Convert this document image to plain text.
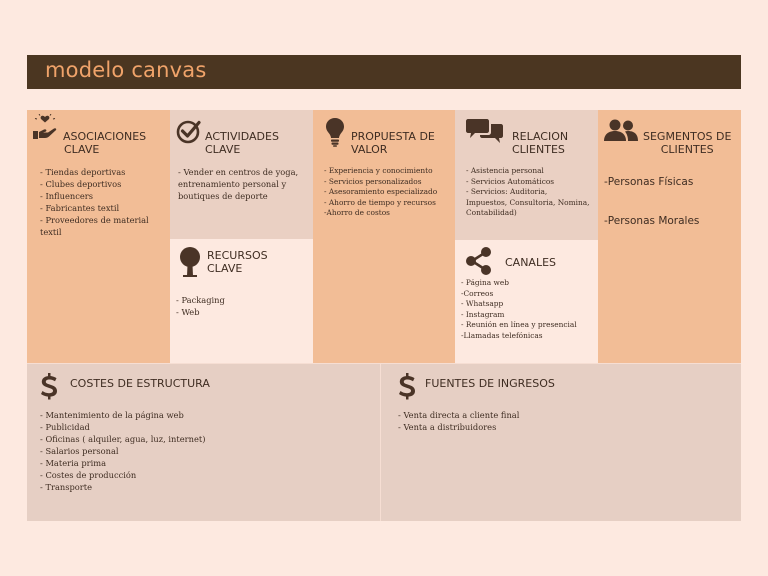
modelo canvas
ASOCIACIONES
CLAVE
- Tiendas deportivas
- Clubes deportivos
- Influencers
- Fabricantes textil
- Proveedores de material
textil
ACTIVIDADES
CLAVE
- Vender en centros de yoga,
entrenamiento personal y
boutiques de deporte
RECURSOS
CLAVE
- Packaging
- Web
PROPUESTA DE
VALOR
- Experiencia y conocimiento
- Servicios personalizados
- Asesoramiento especializado
- Ahorro de tiempo y recursos
-Ahorro de costos
RELACION
CLIENTES
- Asistencia personal
- Servicios Automáticos
- Servicios: Auditoria,
Impuestos, Consultoria, Nomina,
Contabilidad)
CANALES
- Página web
-Correos
- Whatsapp
- Instagram
- Reunión en línea y presencial
-Llamadas telefónicas
SEGMENTOS DE
CLIENTES
-Personas Físicas
-Personas Morales
COSTES DE ESTRUCTURA
- Mantenimiento de la página web
- Publicidad
- Oficinas ( alquiler, agua, luz, internet)
- Salarios personal
- Materia prima
- Costes de producción
- Transporte
FUENTES DE INGRESOS
- Venta directa a cliente final
- Venta a distribuidores
